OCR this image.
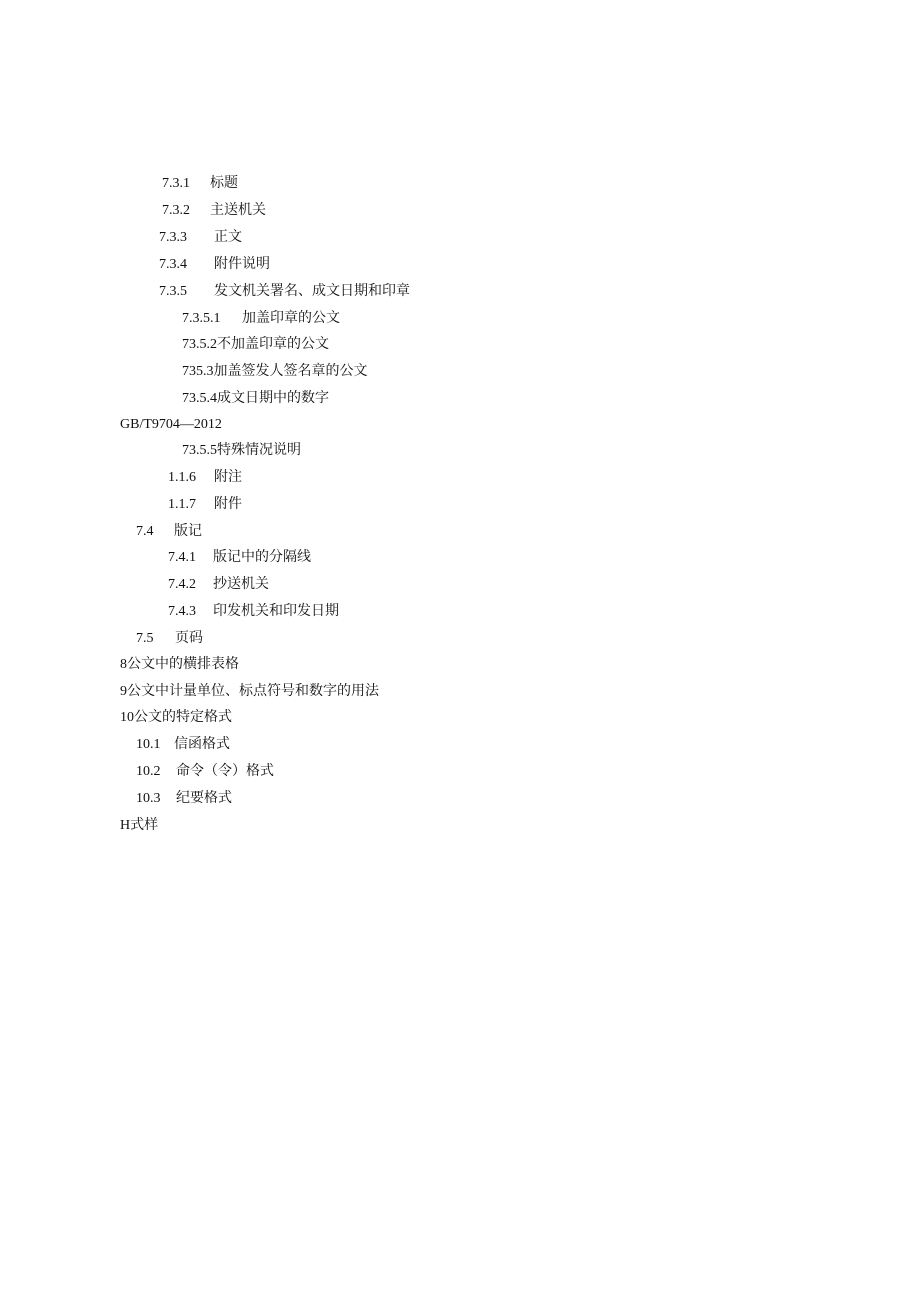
7.3.1 标题
7.3.2 主送机关
7.3.3 正文
7.3.4 附件说明
7.3.5 发文机关署名、成文日期和印章
7.3.5.1 加盖印章的公文
73.5.2不加盖印章的公文
735.3加盖签发人签名章的公文
73.5.4成文日期中的数字
GB/T9704—2012
73.5.5特殊情况说明
1.1.6 附注
1.1.7 附件
7.4 版记
7.4.1 版记中的分隔线
7.4.2 抄送机关
7.4.3 印发机关和印发日期
7.5 页码
8公文中的横排表格
9公文中计量单位、标点符号和数字的用法
10公文的特定格式
10.1 信函格式
10.2 命令（令）格式
10.3 纪要格式
H式样
